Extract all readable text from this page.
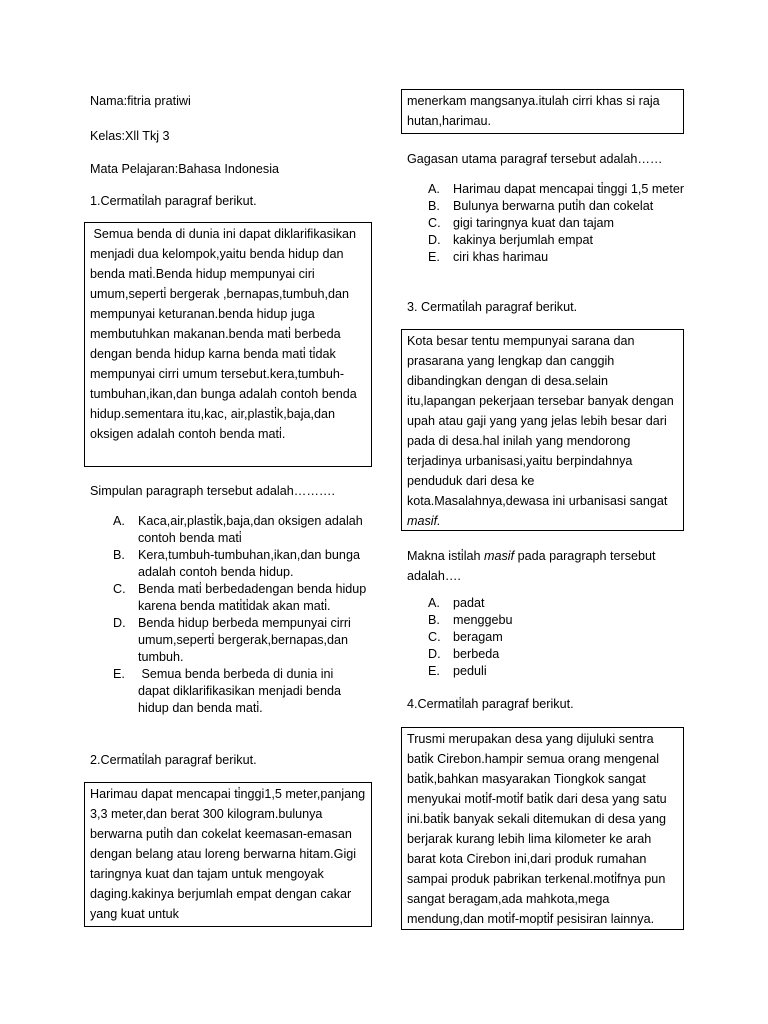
Nama:fitria pratiwi

Kelas:Xll Tkj 3

Mata Pelajaran:Bahasa Indonesia

1.Cermati̇lah paragraf berikut.

Semua benda di dunia ini dapat diklarifikasikan menjadi dua kelompok,yaitu benda hidup dan benda mati̇.Benda hidup mempunyai ciri umum,seperti̇ bergerak ,bernapas,tumbuh,dan mempunyai keturanan.benda hidup juga membutuhkan makanan.benda mati̇ berbeda dengan benda hidup karna benda mati̇ ti̇dak mempunyai cirri umum tersebut.kera,tumbuh-tumbuhan,ikan,dan bunga adalah contoh benda hidup.sementara itu,kac, air,plasti̇k,baja,dan oksigen adalah contoh benda mati̇.

Simpulan paragraph tersebut adalah……….

A. Kaca,air,plasti̇k,baja,dan oksigen adalah contoh benda mati̇
B. Kera,tumbuh-tumbuhan,ikan,dan bunga adalah contoh benda hidup.
C. Benda mati̇ berbedadengan benda hidup karena benda mati̇ti̇dak akan mati̇.
D. Benda hidup berbeda mempunyai cirri umum,seperti̇ bergerak,bernapas,dan tumbuh.
E. Semua benda berbeda di dunia ini dapat diklarifikasikan menjadi benda hidup dan benda mati̇.

2.Cermati̇lah paragraf berikut.

Harimau dapat mencapai ti̇nggi1,5 meter,panjang 3,3 meter,dan berat 300 kilogram.bulunya berwarna puti̇h dan cokelat keemasan-emasan dengan belang atau loreng berwarna hitam.Gigi taringnya kuat dan tajam untuk mengoyak daging.kakinya berjumlah empat dengan cakar yang kuat untuk

menerkam mangsanya.itulah cirri khas si raja hutan,harimau.

Gagasan utama paragraf tersebut adalah……

A. Harimau dapat mencapai ti̇nggi 1,5 meter
B. Bulunya berwarna puti̇h dan cokelat
C. gigi taringnya kuat dan tajam
D. kakinya berjumlah empat
E. ciri khas harimau

3. Cermati̇lah paragraf berikut.

Kota besar tentu mempunyai sarana dan prasarana yang lengkap dan canggih dibandingkan dengan di desa.selain itu,lapangan pekerjaan tersebar banyak dengan upah atau gaji yang yang jelas lebih besar dari pada di desa.hal inilah yang mendorong terjadinya urbanisasi,yaitu berpindahnya penduduk dari desa ke kota.Masalahnya,dewasa ini urbanisasi sangat
masif.

Makna isti̇lah masif pada paragraph tersebut adalah….

A. padat
B. menggebu
C. beragam
D. berbeda
E. peduli

4.Cermati̇lah paragraf berikut.

Trusmi merupakan desa yang dijuluki sentra bati̇k Cirebon.hampir semua orang mengenal bati̇k,bahkan masyarakan Tiongkok sangat menyukai moti̇f-moti̇f bati̇k dari desa yang satu ini.bati̇k banyak sekali ditemukan di desa yang berjarak kurang lebih lima kilometer ke arah barat kota Cirebon ini,dari produk rumahan sampai produk pabrikan terkenal.moti̇fnya pun sangat beragam,ada mahkota,mega mendung,dan moti̇f-mopti̇f pesisiran lainnya.
